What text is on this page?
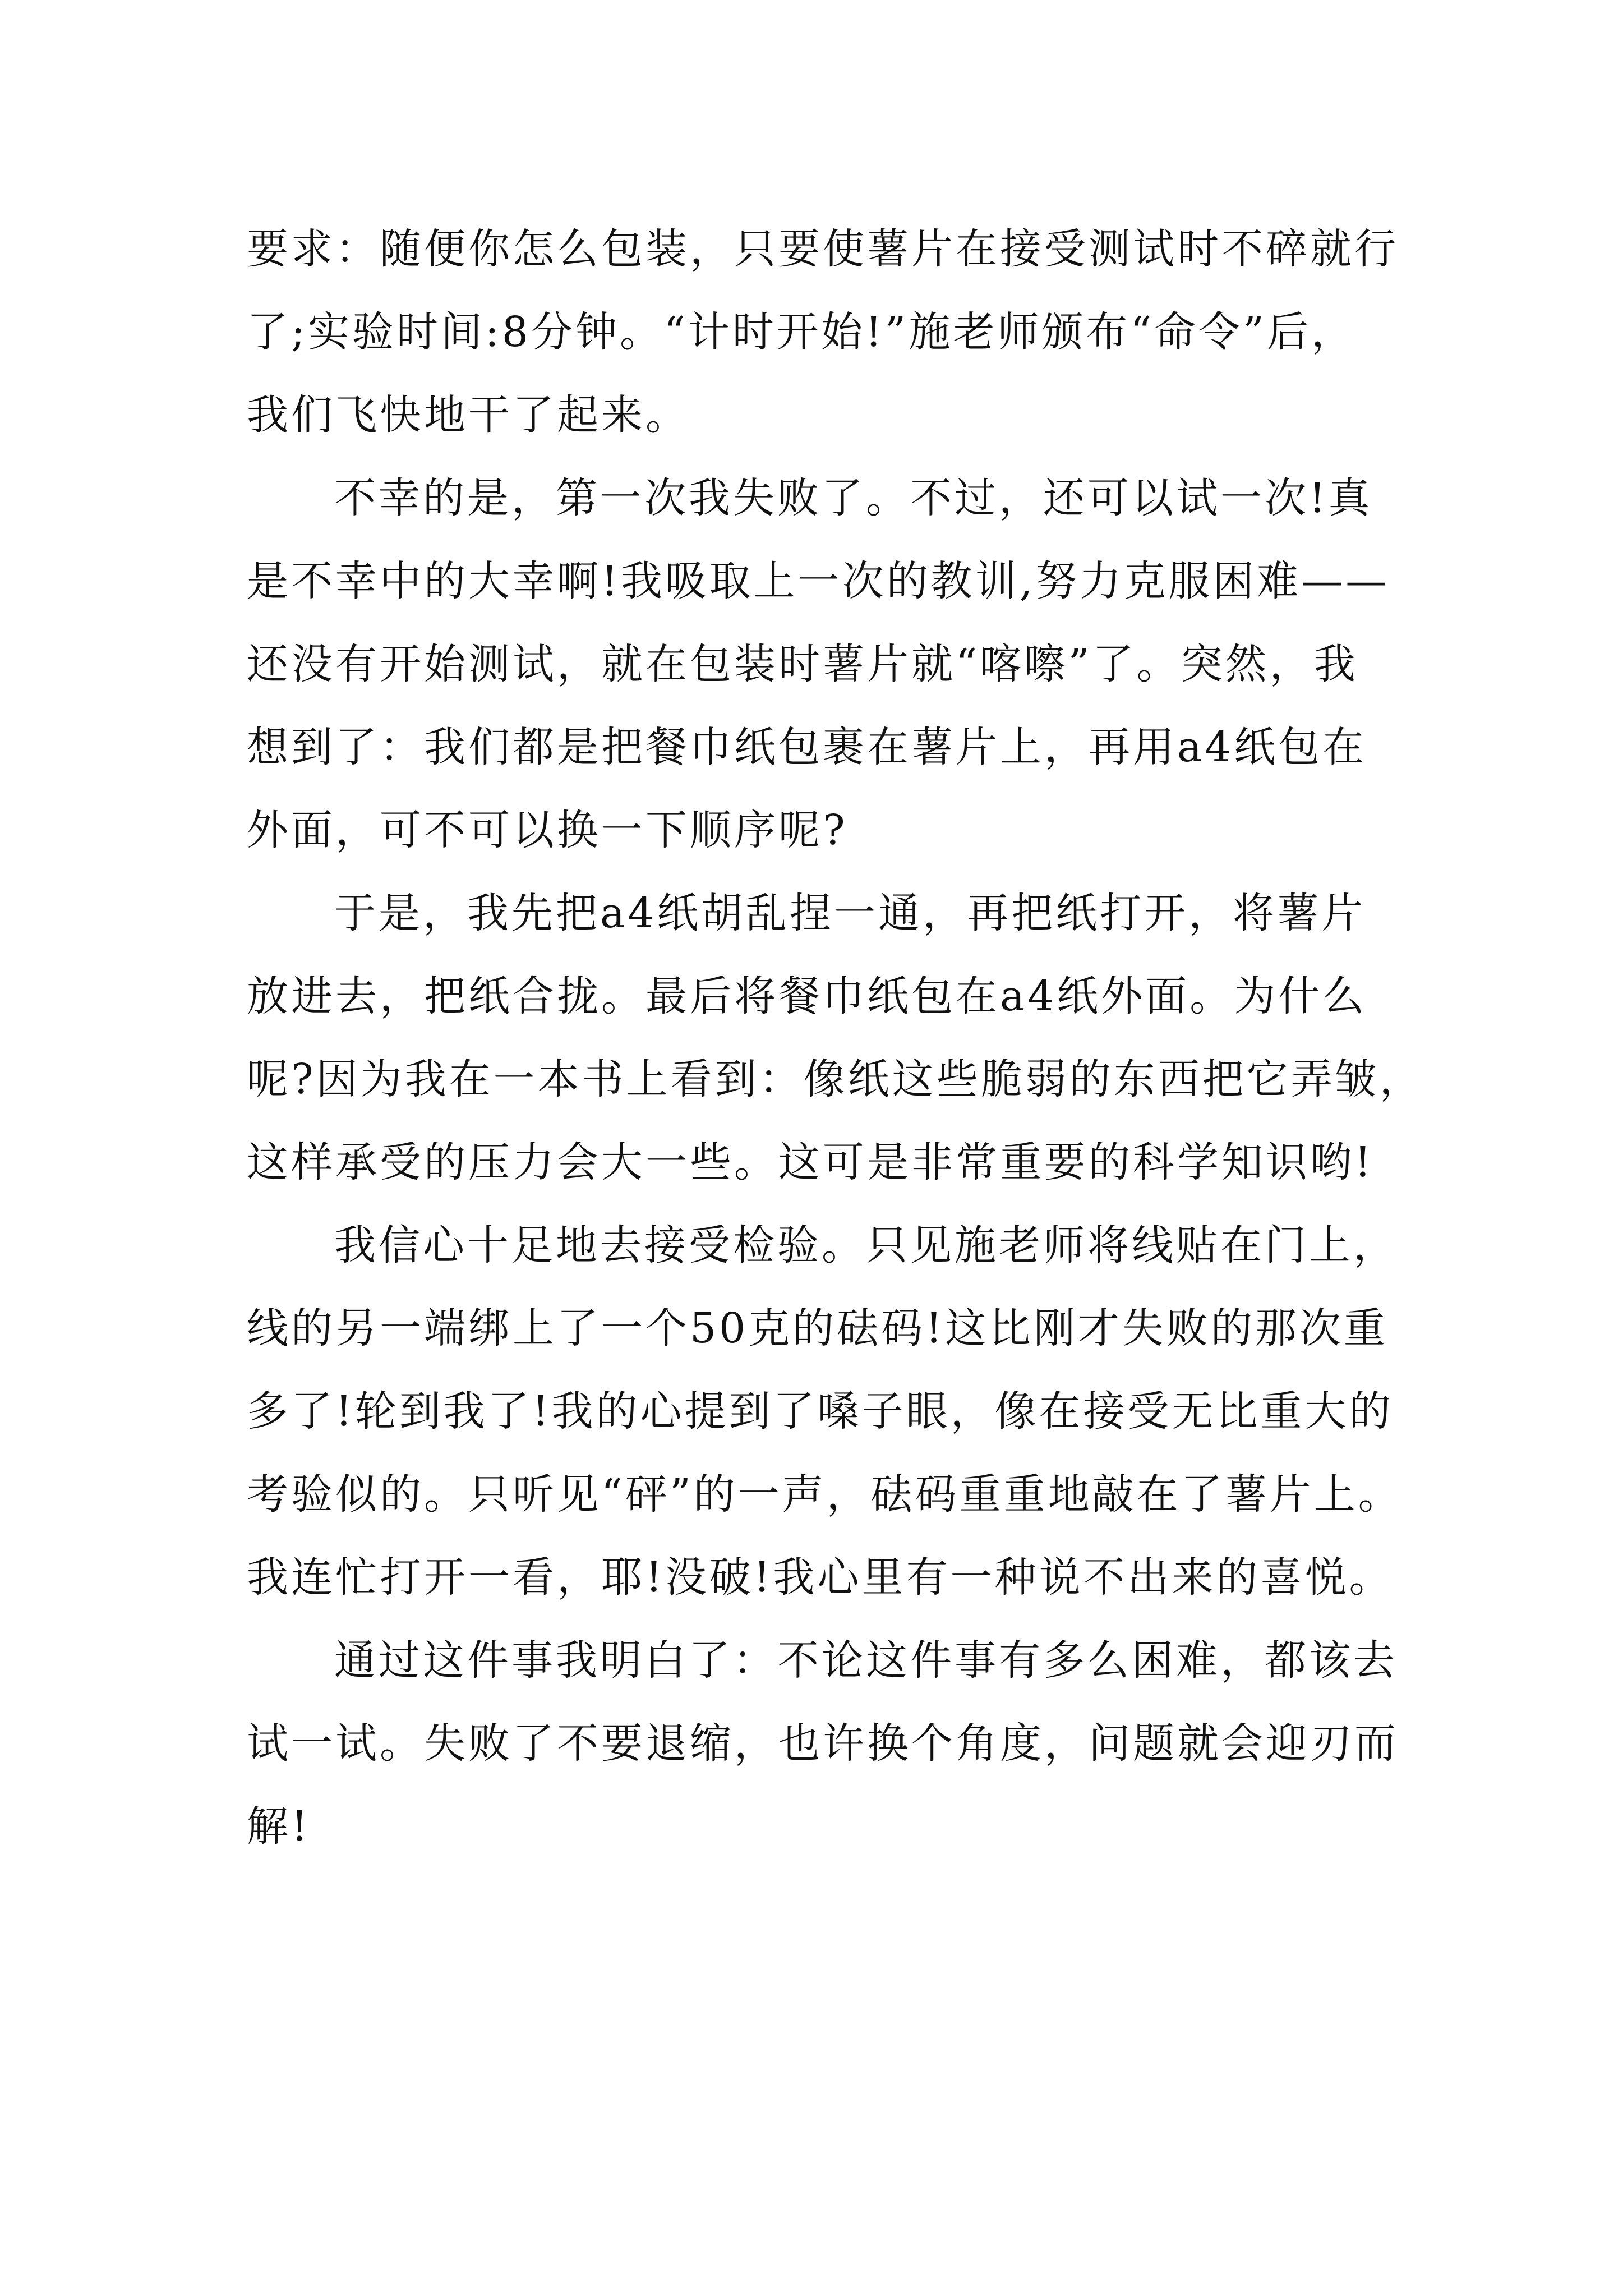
要求：随便你怎么包装，只要使薯片在接受测试时不碎就行
了;实验时间:8分钟。“计时开始!”施老师颁布“命令”后，
我们飞快地干了起来。
不幸的是，第一次我失败了。不过，还可以试一次!真
是不幸中的大幸啊!我吸取上一次的教训,努力克服困难——
还没有开始测试，就在包装时薯片就“喀嚓”了。突然，我
想到了：我们都是把餐巾纸包裹在薯片上，再用a4纸包在
外面，可不可以换一下顺序呢?
于是，我先把a4纸胡乱捏一通，再把纸打开，将薯片
放进去，把纸合拢。最后将餐巾纸包在a4纸外面。为什么
呢?因为我在一本书上看到：像纸这些脆弱的东西把它弄皱，
这样承受的压力会大一些。这可是非常重要的科学知识哟!
我信心十足地去接受检验。只见施老师将线贴在门上，
线的另一端绑上了一个50克的砝码!这比刚才失败的那次重
多了!轮到我了!我的心提到了嗓子眼，像在接受无比重大的
考验似的。只听见“砰”的一声，砝码重重地敲在了薯片上。
我连忙打开一看，耶!没破!我心里有一种说不出来的喜悦。
通过这件事我明白了：不论这件事有多么困难，都该去
试一试。失败了不要退缩，也许换个角度，问题就会迎刃而
解!
